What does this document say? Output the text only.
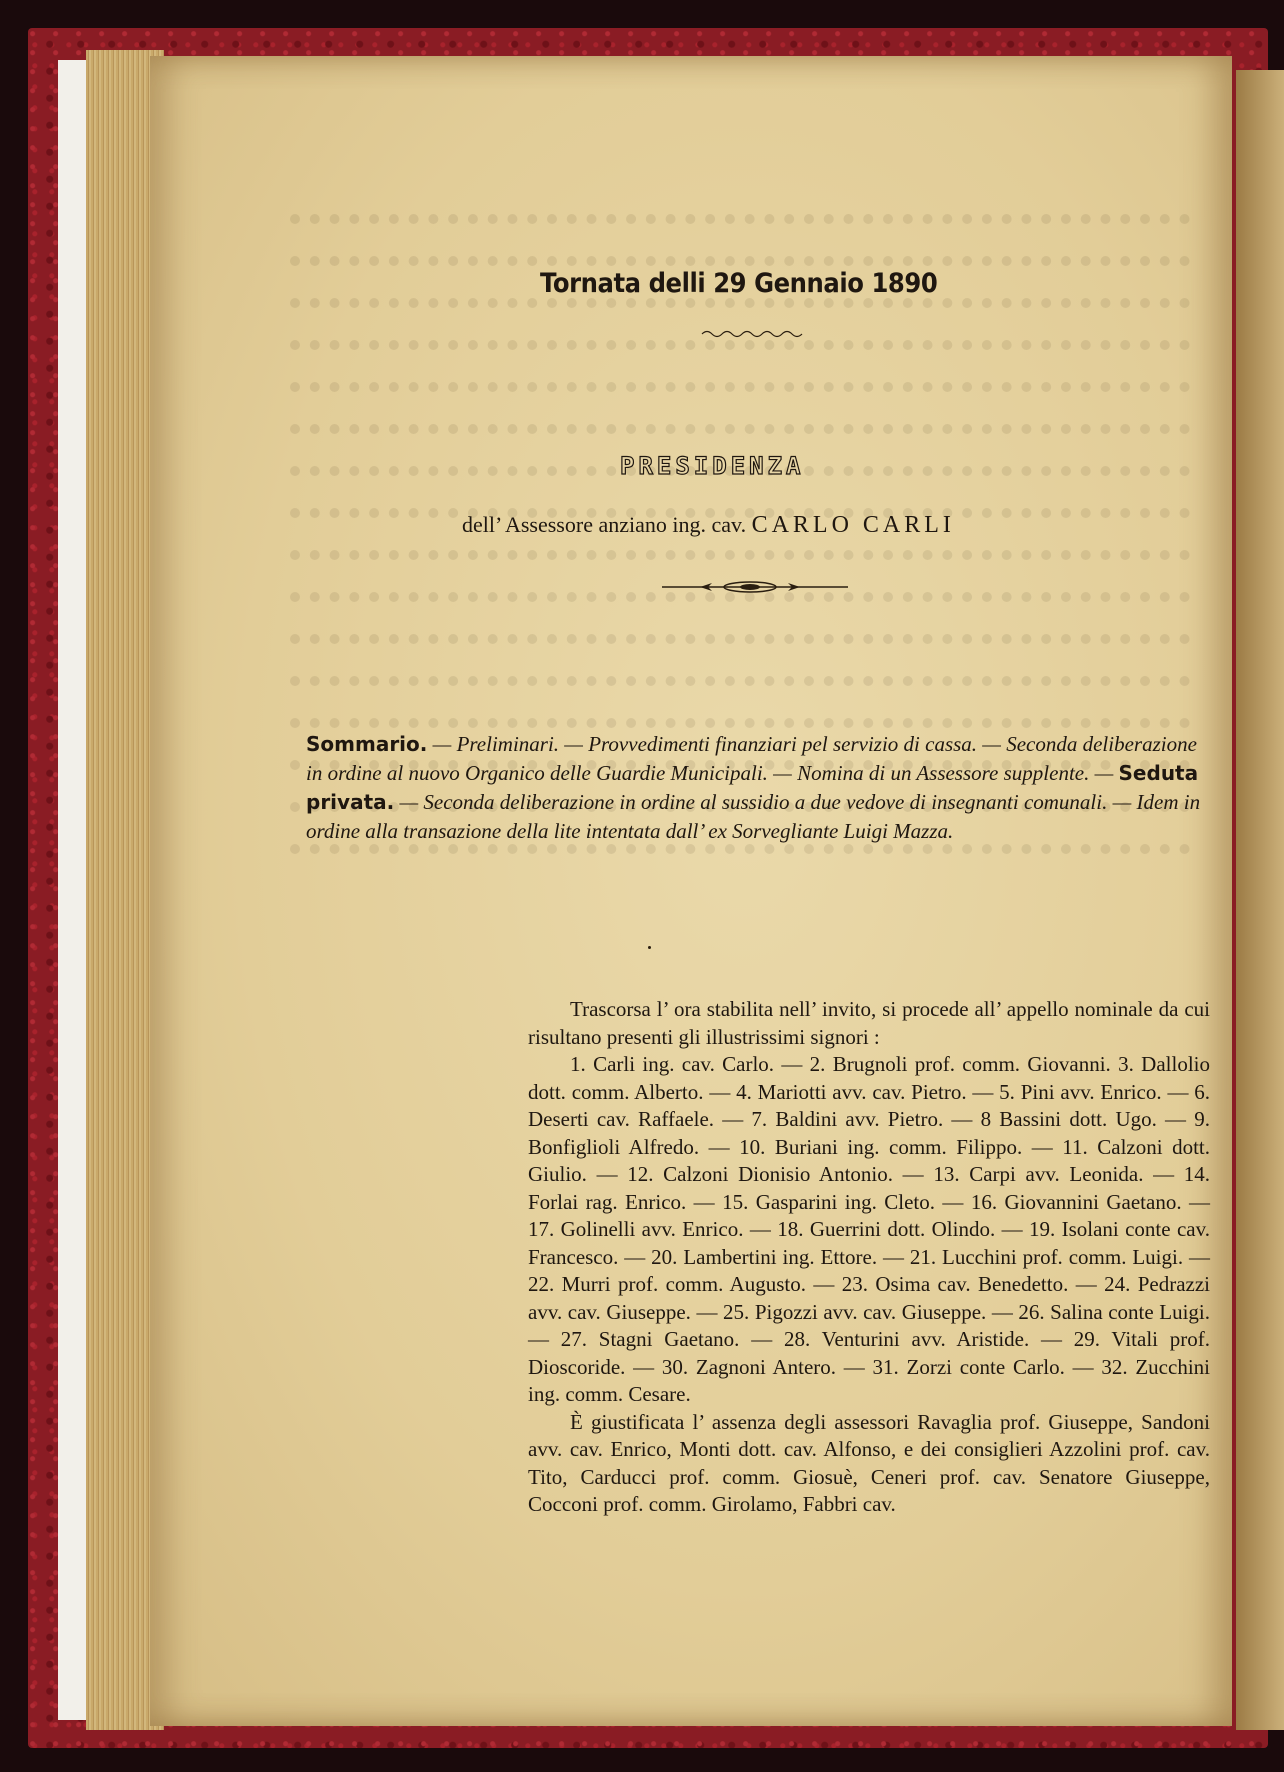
Tornata delli 29 Gennaio 1890
PRESIDENZA
dell’ Assessore anziano ing. cav. CARLO CARLI
Sommario. — Preliminari. — Provvedimenti finanziari pel servizio di cassa. — Seconda deliberazione in ordine al nuovo Organico delle Guardie Municipali. — Nomina di un Assessore supplente. — Seduta privata. — Seconda deliberazione in ordine al sussidio a due vedove di insegnanti comunali. — Idem in ordine alla transazione della lite intentata dall’ ex Sorvegliante Luigi Mazza.

Trascorsa l’ ora stabilita nell’ invito, si procede all’ appello nominale da cui risultano presenti gli illustrissimi signori :

1. Carli ing. cav. Carlo. — 2. Brugnoli prof. comm. Giovanni. 3. Dallolio dott. comm. Alberto. — 4. Mariotti avv. cav. Pietro. — 5. Pini avv. Enrico. — 6. Deserti cav. Raffaele. — 7. Baldini avv. Pietro. — 8 Bassini dott. Ugo. — 9. Bonfiglioli Alfredo. — 10. Buriani ing. comm. Filippo. — 11. Calzoni dott. Giulio. — 12. Calzoni Dionisio Antonio. — 13. Carpi avv. Leonida. — 14. Forlai rag. Enrico. — 15. Gasparini ing. Cleto. — 16. Giovannini Gaetano. — 17. Golinelli avv. Enrico. — 18. Guerrini dott. Olindo. — 19. Isolani conte cav. Francesco. — 20. Lambertini ing. Ettore. — 21. Lucchini prof. comm. Luigi. — 22. Murri prof. comm. Augusto. — 23. Osima cav. Benedetto. — 24. Pedrazzi avv. cav. Giuseppe. — 25. Pigozzi avv. cav. Giuseppe. — 26. Salina conte Luigi. — 27. Stagni Gaetano. — 28. Venturini avv. Aristide. — 29. Vitali prof. Dioscoride. — 30. Zagnoni Antero. — 31. Zorzi conte Carlo. — 32. Zucchini ing. comm. Cesare.

È giustificata l’ assenza degli assessori Ravaglia prof. Giuseppe, Sandoni avv. cav. Enrico, Monti dott. cav. Alfonso, e dei consiglieri Azzolini prof. cav. Tito, Carducci prof. comm. Giosuè, Ceneri prof. cav. Senatore Giuseppe, Cocconi prof. comm. Girolamo, Fabbri cav.
